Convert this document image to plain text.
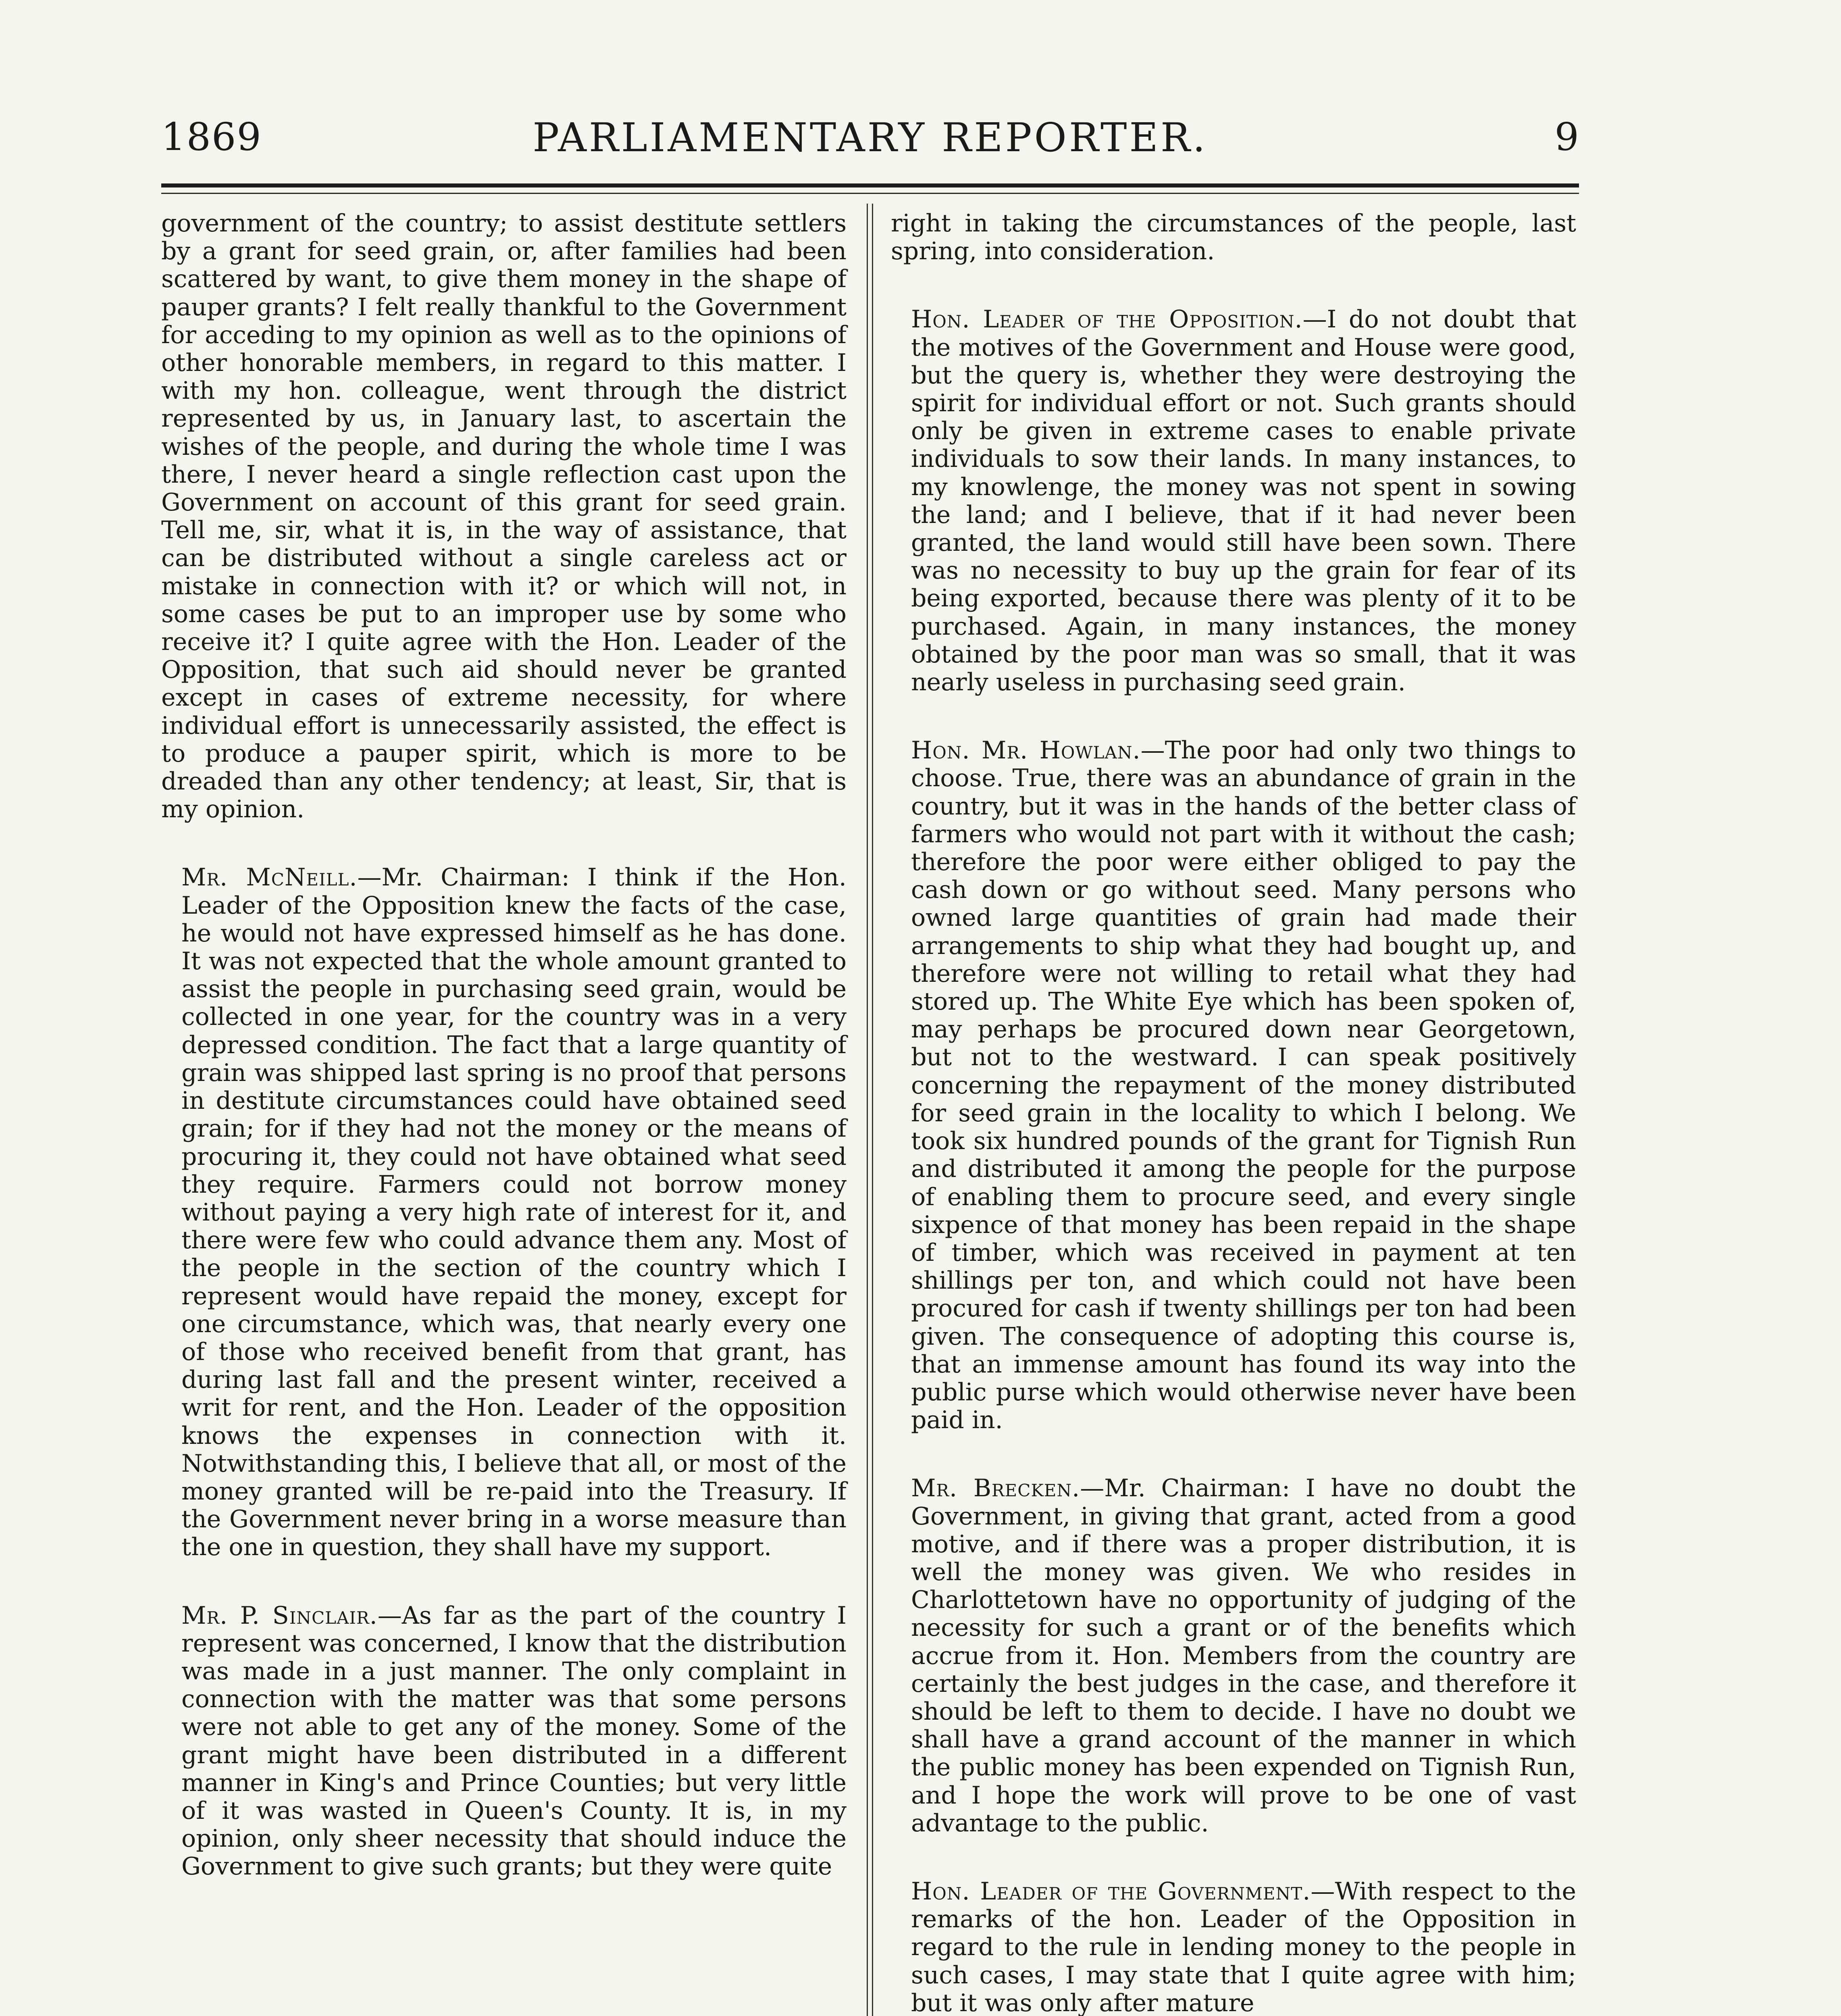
1869	PARLIAMENTARY REPORTER.	9

government of the country; to assist destitute settlers by a grant for seed grain, or, after families had been scattered by want, to give them money in the shape of pauper grants? I felt really thankful to the Government for acceding to my opinion as well as to the opinions of other honorable members, in regard to this matter. I with my hon. colleague, went through the district represented by us, in January last, to ascertain the wishes of the people, and during the whole time I was there, I never heard a single reflection cast upon the Government on account of this grant for seed grain. Tell me, sir, what it is, in the way of assistance, that can be distributed without a single careless act or mistake in connection with it? or which will not, in some cases be put to an improper use by some who receive it? I quite agree with the Hon. Leader of the Opposition, that such aid should never be granted except in cases of extreme necessity, for where individual effort is unnecessarily assisted, the effect is to produce a pauper spirit, which is more to be dreaded than any other tendency; at least, Sir, that is my opinion.

Mr. McNeill.—Mr. Chairman: I think if the Hon. Leader of the Opposition knew the facts of the case, he would not have expressed himself as he has done. It was not expected that the whole amount granted to assist the people in purchasing seed grain, would be collected in one year, for the country was in a very depressed condition. The fact that a large quantity of grain was shipped last spring is no proof that persons in destitute circumstances could have obtained seed grain; for if they had not the money or the means of procuring it, they could not have obtained what seed they require. Farmers could not borrow money without paying a very high rate of interest for it, and there were few who could advance them any. Most of the people in the section of the country which I represent would have repaid the money, except for one circumstance, which was, that nearly every one of those who received benefit from that grant, has during last fall and the present winter, received a writ for rent, and the Hon. Leader of the opposition knows the expenses in connection with it. Notwithstanding this, I believe that all, or most of the money granted will be re-paid into the Treasury. If the Government never bring in a worse measure than the one in question, they shall have my support.

Mr. P. Sinclair.—As far as the part of the country I represent was concerned, I know that the distribution was made in a just manner. The only complaint in connection with the matter was that some persons were not able to get any of the money. Some of the grant might have been distributed in a different manner in King's and Prince Counties; but very little of it was wasted in Queen's County. It is, in my opinion, only sheer necessity that should induce the Government to give such grants; but they were quite

right in taking the circumstances of the people, last spring, into consideration.

Hon. Leader of the Opposition.—I do not doubt that the motives of the Government and House were good, but the query is, whether they were destroying the spirit for individual effort or not. Such grants should only be given in extreme cases to enable private individuals to sow their lands. In many instances, to my knowlenge, the money was not spent in sowing the land; and I believe, that if it had never been granted, the land would still have been sown. There was no necessity to buy up the grain for fear of its being exported, because there was plenty of it to be purchased. Again, in many instances, the money obtained by the poor man was so small, that it was nearly useless in purchasing seed grain.

Hon. Mr. Howlan.—The poor had only two things to choose. True, there was an abundance of grain in the country, but it was in the hands of the better class of farmers who would not part with it without the cash; therefore the poor were either obliged to pay the cash down or go without seed. Many persons who owned large quantities of grain had made their arrangements to ship what they had bought up, and therefore were not willing to retail what they had stored up. The White Eye which has been spoken of, may perhaps be procured down near Georgetown, but not to the westward. I can speak positively concerning the repayment of the money distributed for seed grain in the locality to which I belong. We took six hundred pounds of the grant for Tignish Run and distributed it among the people for the purpose of enabling them to procure seed, and every single sixpence of that money has been repaid in the shape of timber, which was received in payment at ten shillings per ton, and which could not have been procured for cash if twenty shillings per ton had been given. The consequence of adopting this course is, that an immense amount has found its way into the public purse which would otherwise never have been paid in.

Mr. Brecken.—Mr. Chairman: I have no doubt the Government, in giving that grant, acted from a good motive, and if there was a proper distribution, it is well the money was given. We who resides in Charlottetown have no opportunity of judging of the necessity for such a grant or of the benefits which accrue from it. Hon. Members from the country are certainly the best judges in the case, and therefore it should be left to them to decide. I have no doubt we shall have a grand account of the manner in which the public money has been expended on Tignish Run, and I hope the work will prove to be one of vast advantage to the public.

Hon. Leader of the Government.—With respect to the remarks of the hon. Leader of the Opposition in regard to the rule in lending money to the people in such cases, I may state that I quite agree with him; but it was only after mature
